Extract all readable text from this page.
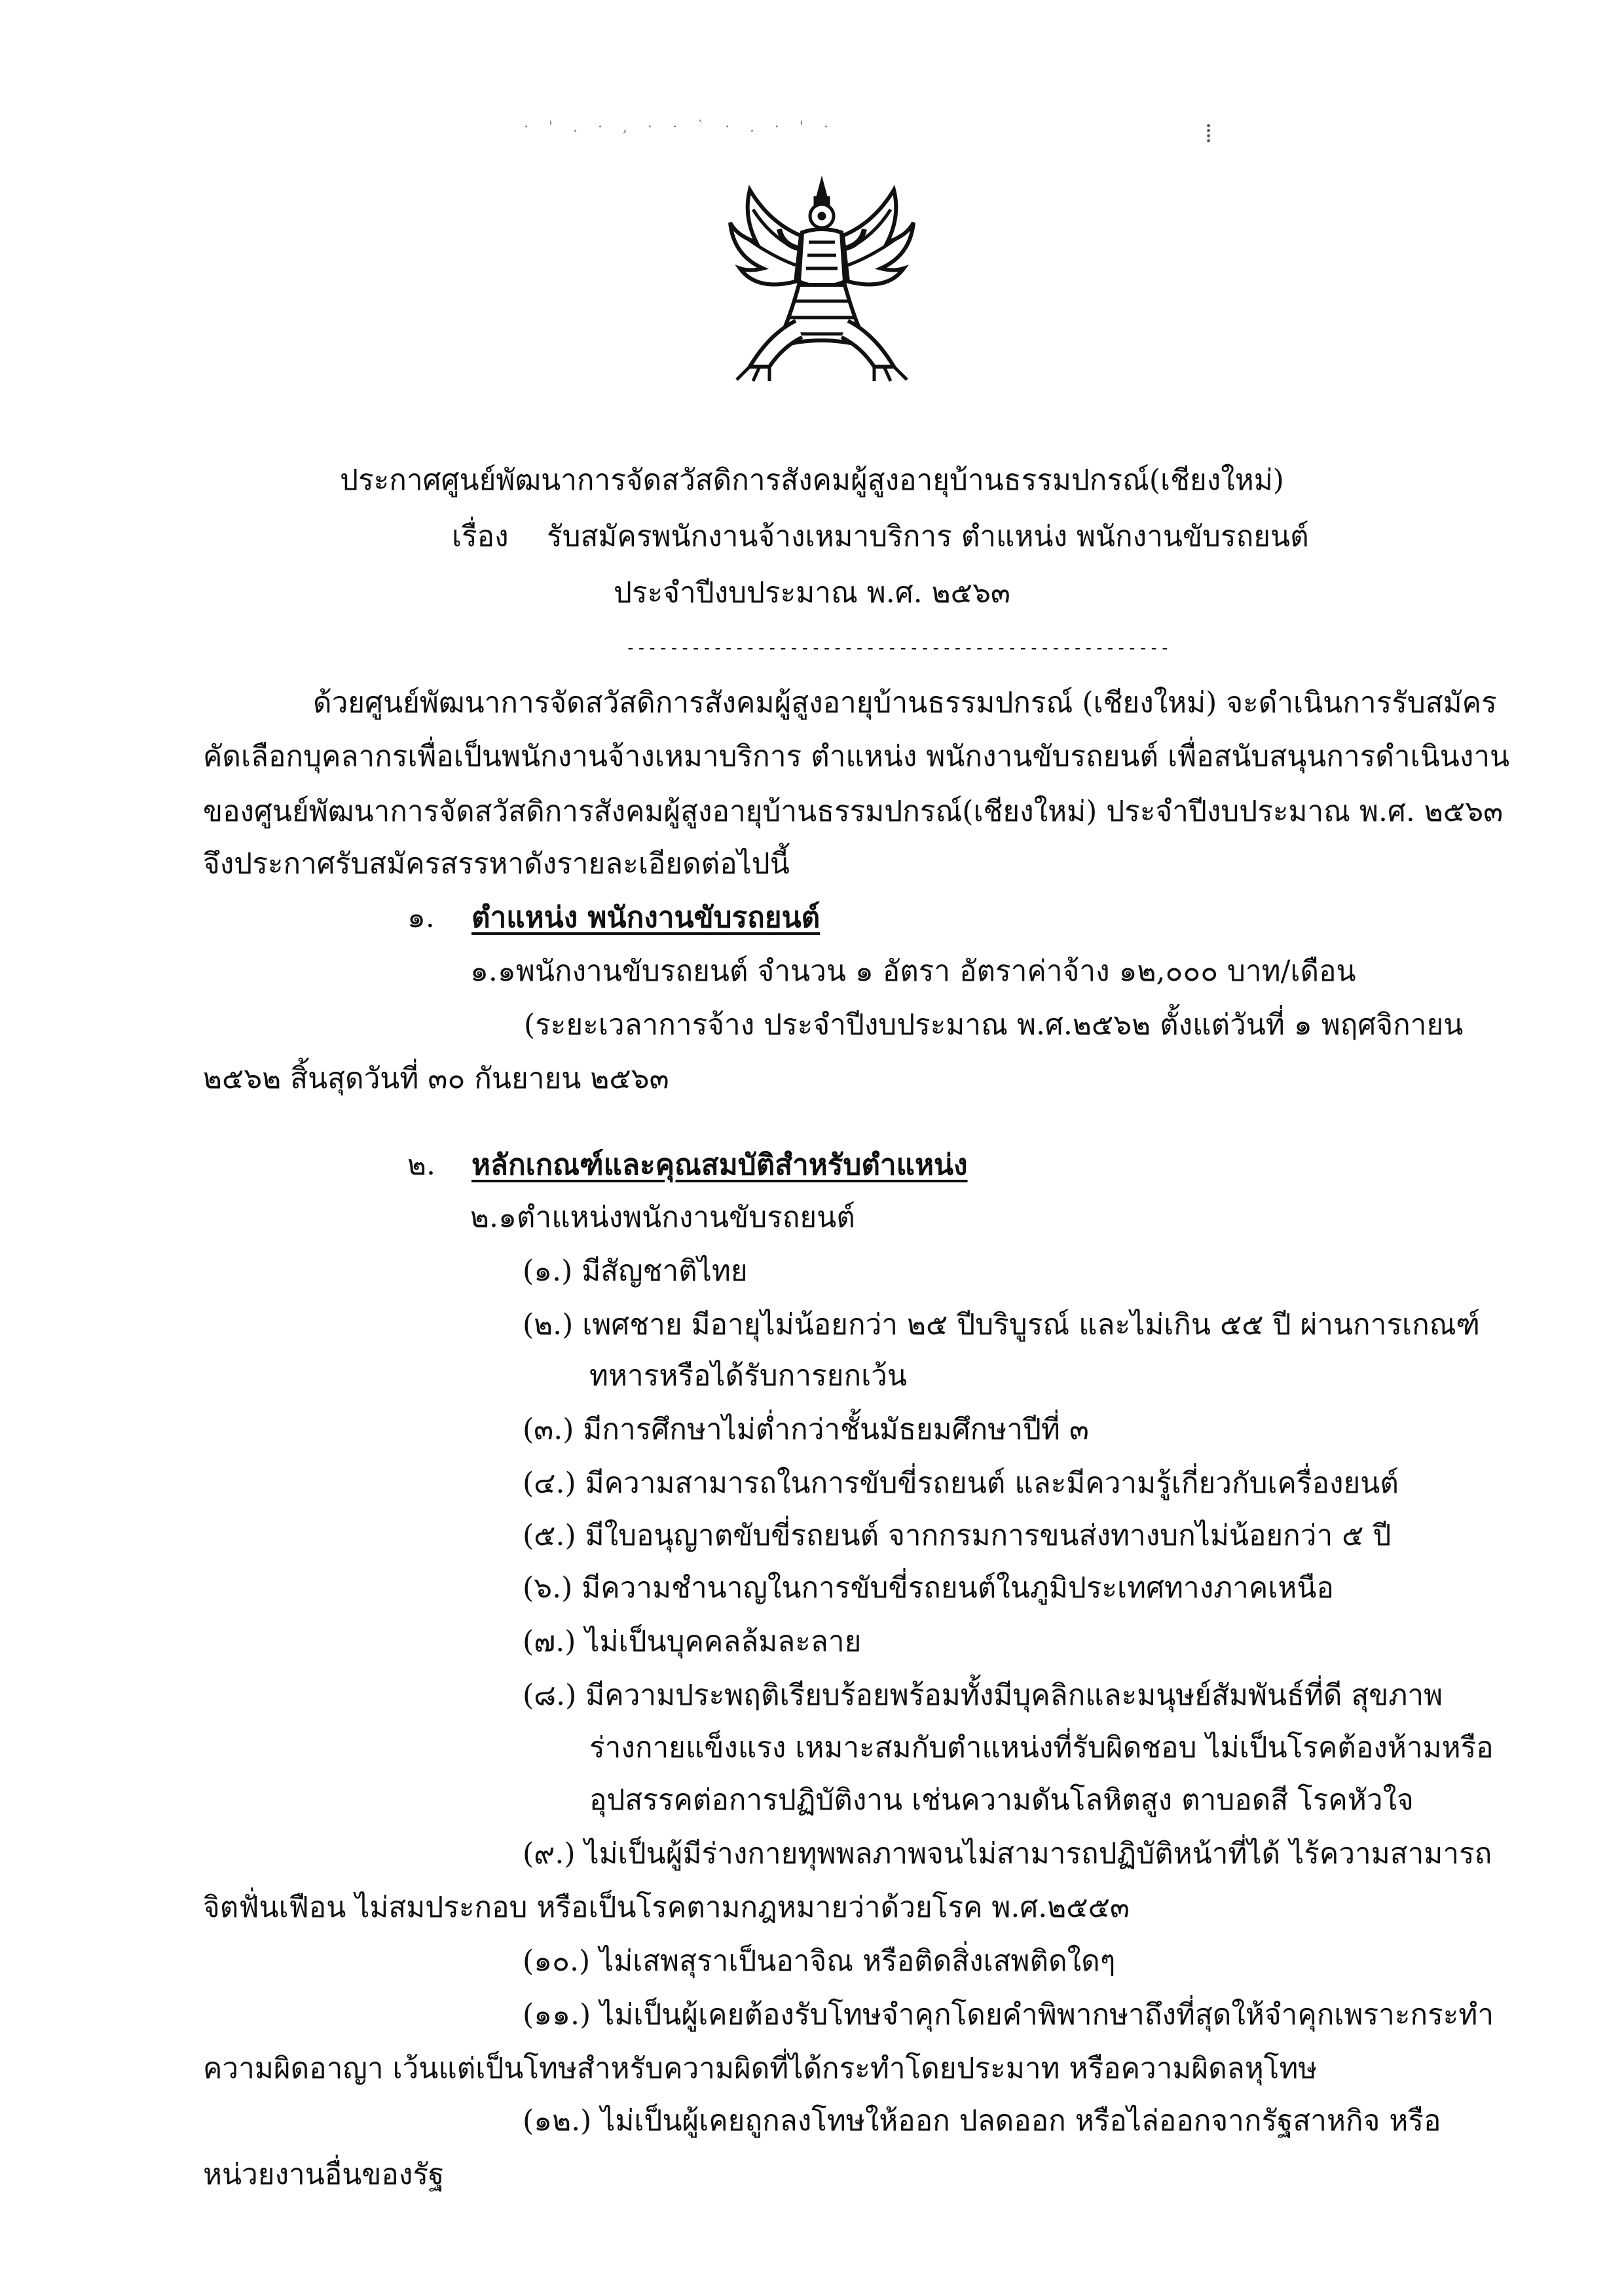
· ' . · , · · ` · . · ' ·	⁞
ประกาศศูนย์พัฒนาการจัดสวัสดิการสังคมผู้สูงอายุบ้านธรรมปกรณ์(เชียงใหม่)
เรื่อง รับสมัครพนักงานจ้างเหมาบริการ ตำแหน่ง พนักงานขับรถยนต์
ประจำปีงบประมาณ พ.ศ. ๒๕๖๓
--------------------------------------------------
ด้วยศูนย์พัฒนาการจัดสวัสดิการสังคมผู้สูงอายุบ้านธรรมปกรณ์ (เชียงใหม่) จะดำเนินการรับสมัคร
คัดเลือกบุคลากรเพื่อเป็นพนักงานจ้างเหมาบริการ ตำแหน่ง พนักงานขับรถยนต์ เพื่อสนับสนุนการดำเนินงาน
ของศูนย์พัฒนาการจัดสวัสดิการสังคมผู้สูงอายุบ้านธรรมปกรณ์(เชียงใหม่) ประจำปีงบประมาณ พ.ศ. ๒๕๖๓
จึงประกาศรับสมัครสรรหาดังรายละเอียดต่อไปนี้
๑. ตำแหน่ง พนักงานขับรถยนต์
๑.๑พนักงานขับรถยนต์ จำนวน ๑ อัตรา อัตราค่าจ้าง ๑๒,๐๐๐ บาท/เดือน
(ระยะเวลาการจ้าง ประจำปีงบประมาณ พ.ศ.๒๕๖๒ ตั้งแต่วันที่ ๑ พฤศจิกายน
๒๕๖๒ สิ้นสุดวันที่ ๓๐ กันยายน ๒๕๖๓
๒. หลักเกณฑ์และคุณสมบัติสำหรับตำแหน่ง
๒.๑ตำแหน่งพนักงานขับรถยนต์
(๑.) มีสัญชาติไทย
(๒.) เพศชาย มีอายุไม่น้อยกว่า ๒๕ ปีบริบูรณ์ และไม่เกิน ๕๕ ปี ผ่านการเกณฑ์
ทหารหรือได้รับการยกเว้น
(๓.) มีการศึกษาไม่ต่ำกว่าชั้นมัธยมศึกษาปีที่ ๓
(๔.) มีความสามารถในการขับขี่รถยนต์ และมีความรู้เกี่ยวกับเครื่องยนต์
(๕.) มีใบอนุญาตขับขี่รถยนต์ จากกรมการขนส่งทางบกไม่น้อยกว่า ๕ ปี
(๖.) มีความชำนาญในการขับขี่รถยนต์ในภูมิประเทศทางภาคเหนือ
(๗.) ไม่เป็นบุคคลล้มละลาย
(๘.) มีความประพฤติเรียบร้อยพร้อมทั้งมีบุคลิกและมนุษย์สัมพันธ์ที่ดี สุขภาพ
ร่างกายแข็งแรง เหมาะสมกับตำแหน่งที่รับผิดชอบ ไม่เป็นโรคต้องห้ามหรือ
อุปสรรคต่อการปฏิบัติงาน เช่นความดันโลหิตสูง ตาบอดสี โรคหัวใจ
(๙.) ไม่เป็นผู้มีร่างกายทุพพลภาพจนไม่สามารถปฏิบัติหน้าที่ได้ ไร้ความสามารถ
จิตฟั่นเฟือน ไม่สมประกอบ หรือเป็นโรคตามกฎหมายว่าด้วยโรค พ.ศ.๒๕๕๓
(๑๐.) ไม่เสพสุราเป็นอาจิณ หรือติดสิ่งเสพติดใดๆ
(๑๑.) ไม่เป็นผู้เคยต้องรับโทษจำคุกโดยคำพิพากษาถึงที่สุดให้จำคุกเพราะกระทำ
ความผิดอาญา เว้นแต่เป็นโทษสำหรับความผิดที่ได้กระทำโดยประมาท หรือความผิดลหุโทษ
(๑๒.) ไม่เป็นผู้เคยถูกลงโทษให้ออก ปลดออก หรือไล่ออกจากรัฐสาหกิจ หรือ
หน่วยงานอื่นของรัฐ
